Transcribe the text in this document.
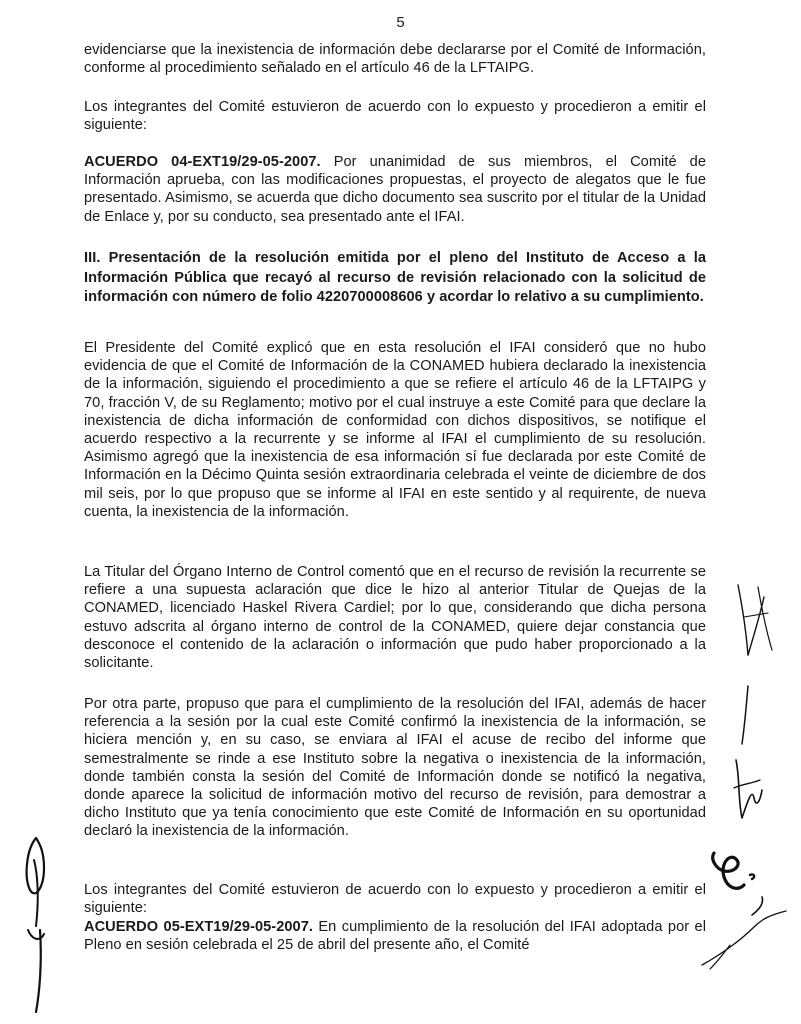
5
evidenciarse que la inexistencia de información debe declararse por el Comité de Información, conforme al procedimiento señalado en el artículo 46 de la LFTAIPG.
Los integrantes del Comité estuvieron de acuerdo con lo expuesto y procedieron a emitir el siguiente:
ACUERDO 04-EXT19/29-05-2007. Por unanimidad de sus miembros, el Comité de Información aprueba, con las modificaciones propuestas, el proyecto de alegatos que le fue presentado. Asimismo, se acuerda que dicho documento sea suscrito por el titular de la Unidad de Enlace y, por su conducto, sea presentado ante el IFAI.
III. Presentación de la resolución emitida por el pleno del Instituto de Acceso a la Información Pública que recayó al recurso de revisión relacionado con la solicitud de información con número de folio 4220700008606 y acordar lo relativo a su cumplimiento.
El Presidente del Comité explicó que en esta resolución el IFAI consideró que no hubo evidencia de que el Comité de Información de la CONAMED hubiera declarado la inexistencia de la información, siguiendo el procedimiento a que se refiere el artículo 46 de la LFTAIPG y 70, fracción V, de su Reglamento; motivo por el cual instruye a este Comité para que declare la inexistencia de dicha información de conformidad con dichos dispositivos, se notifique el acuerdo respectivo a la recurrente y se informe al IFAI el cumplimiento de su resolución. Asimismo agregó que la inexistencia de esa información sí fue declarada por este Comité de Información en la Décimo Quinta sesión extraordinaria celebrada el veinte de diciembre de dos mil seis, por lo que propuso que se informe al IFAI en este sentido y al requirente, de nueva cuenta, la inexistencia de la información.
La Titular del Órgano Interno de Control comentó que en el recurso de revisión la recurrente se refiere a una supuesta aclaración que dice le hizo al anterior Titular de Quejas de la CONAMED, licenciado Haskel Rivera Cardiel; por lo que, considerando que dicha persona estuvo adscrita al órgano interno de control de la CONAMED, quiere dejar constancia que desconoce el contenido de la aclaración o información que pudo haber proporcionado a la solicitante.
Por otra parte, propuso que para el cumplimiento de la resolución del IFAI, además de hacer referencia a la sesión por la cual este Comité confirmó la inexistencia de la información, se hiciera mención y, en su caso, se enviara al IFAI el acuse de recibo del informe que semestralmente se rinde a ese Instituto sobre la negativa o inexistencia de la información, donde también consta la sesión del Comité de Información donde se notificó la negativa, donde aparece la solicitud de información motivo del recurso de revisión, para demostrar a dicho Instituto que ya tenía conocimiento que este Comité de Información en su oportunidad declaró la inexistencia de la información.
Los integrantes del Comité estuvieron de acuerdo con lo expuesto y procedieron a emitir el siguiente:
ACUERDO 05-EXT19/29-05-2007. En cumplimiento de la resolución del IFAI adoptada por el Pleno en sesión celebrada el 25 de abril del presente año, el Comité
